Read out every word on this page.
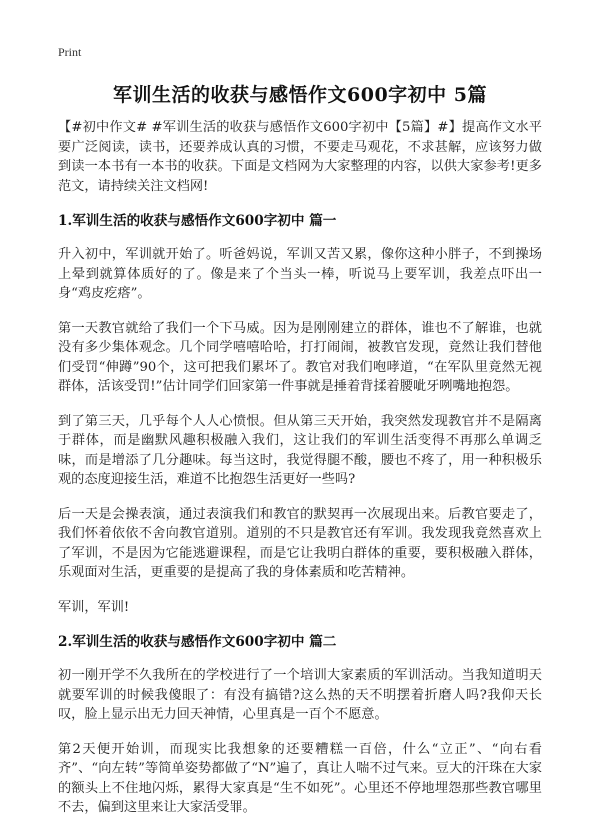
Print
军训生活的收获与感悟作文600字初中 5篇

【#初中作文# #军训生活的收获与感悟作文600字初中【5篇】#】提高作文水平要广泛阅读，读书，还要养成认真的习惯，不要走马观花，不求甚解，应该努力做到读一本书有一本书的收获。下面是文档网为大家整理的内容，以供大家参考!更多范文，请持续关注文档网!

1.军训生活的收获与感悟作文600字初中 篇一

升入初中，军训就开始了。听爸妈说，军训又苦又累，像你这种小胖子，不到操场上晕到就算体质好的了。像是来了个当头一棒，听说马上要军训，我差点吓出一身“鸡皮疙瘩”。

第一天教官就给了我们一个下马威。因为是刚刚建立的群体，谁也不了解谁，也就没有多少集体观念。几个同学嘻嘻哈哈，打打闹闹，被教官发现，竟然让我们替他们受罚“伸蹲”90个，这可把我们累坏了。教官对我们咆哮道，“在军队里竟然无视群体，活该受罚!”估计同学们回家第一件事就是捶着背揉着腰呲牙咧嘴地抱怨。

到了第三天，几乎每个人人心愤恨。但从第三天开始，我突然发现教官并不是隔离于群体，而是幽默风趣积极融入我们，这让我们的军训生活变得不再那么单调乏味，而是增添了几分趣味。每当这时，我觉得腿不酸，腰也不疼了，用一种积极乐观的态度迎接生活，难道不比抱怨生活更好一些吗?

后一天是会操表演，通过表演我们和教官的默契再一次展现出来。后教官要走了，我们怀着依依不舍向教官道别。道别的不只是教官还有军训。我发现我竟然喜欢上了军训，不是因为它能逃避课程，而是它让我明白群体的重要，要积极融入群体，乐观面对生活，更重要的是提高了我的身体素质和吃苦精神。

军训，军训!

2.军训生活的收获与感悟作文600字初中 篇二

初一刚开学不久我所在的学校进行了一个培训大家素质的军训活动。当我知道明天就要军训的时候我傻眼了：有没有搞错?这么热的天不明摆着折磨人吗?我仰天长叹，脸上显示出无力回天神情，心里真是一百个不愿意。

第2天便开始训，而现实比我想象的还要糟糕一百倍，什么“立正”、“向右看齐”、“向左转”等简单姿势都做了“N”遍了，真让人喘不过气来。豆大的汗珠在大家的额头上不住地闪烁，累得大家真是“生不如死”。心里还不停地埋怨那些教官哪里不去，偏到这里来让大家活受罪。
